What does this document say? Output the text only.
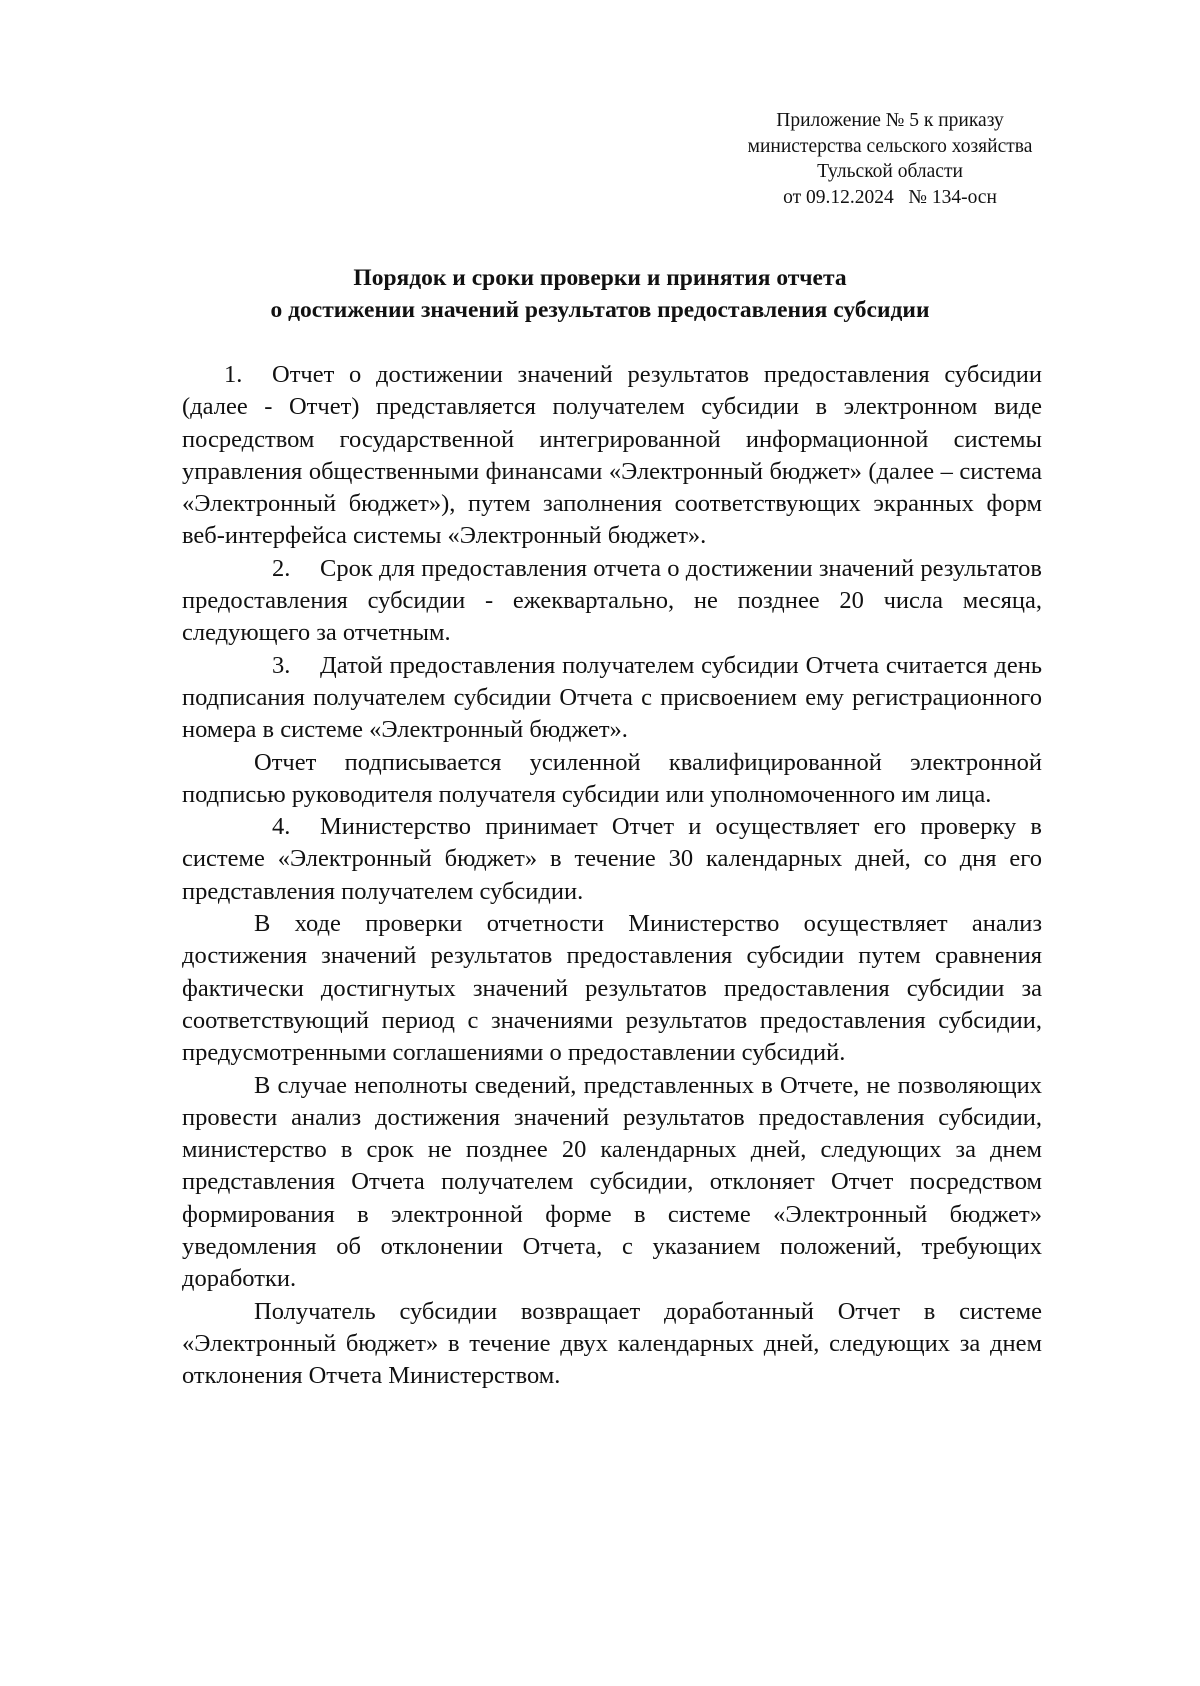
Приложение № 5 к приказу
министерства сельского хозяйства
Тульской области
от 09.12.2024   № 134-осн
Порядок и сроки проверки и принятия отчета
о достижении значений результатов предоставления субсидии

1. Отчет о достижении значений результатов предоставления субсидии (далее - Отчет) представляется получателем субсидии в электронном виде посредством государственной интегрированной информационной системы управления общественными финансами «Электронный бюджет» (далее – система «Электронный бюджет»), путем заполнения соответствующих экранных форм веб-интерфейса системы «Электронный бюджет».

2. Срок для предоставления отчета о достижении значений результатов предоставления субсидии - ежеквартально, не позднее 20 числа месяца, следующего за отчетным.

3. Датой предоставления получателем субсидии Отчета считается день подписания получателем субсидии Отчета с присвоением ему регистрационного номера в системе «Электронный бюджет».

Отчет подписывается усиленной квалифицированной электронной подписью руководителя получателя субсидии или уполномоченного им лица.

4. Министерство принимает Отчет и осуществляет его проверку в системе «Электронный бюджет» в течение 30 календарных дней, со дня его представления получателем субсидии.

В ходе проверки отчетности Министерство осуществляет анализ достижения значений результатов предоставления субсидии путем сравнения фактически достигнутых значений результатов предоставления субсидии за соответствующий период с значениями результатов предоставления субсидии, предусмотренными соглашениями о предоставлении субсидий.

В случае неполноты сведений, представленных в Отчете, не позволяющих провести анализ достижения значений результатов предоставления субсидии, министерство в срок не позднее 20 календарных дней, следующих за днем представления Отчета получателем субсидии, отклоняет Отчет посредством формирования в электронной форме в системе «Электронный бюджет» уведомления об отклонении Отчета, с указанием положений, требующих доработки.

Получатель субсидии возвращает доработанный Отчет в системе «Электронный бюджет» в течение двух календарных дней, следующих за днем отклонения Отчета Министерством.
